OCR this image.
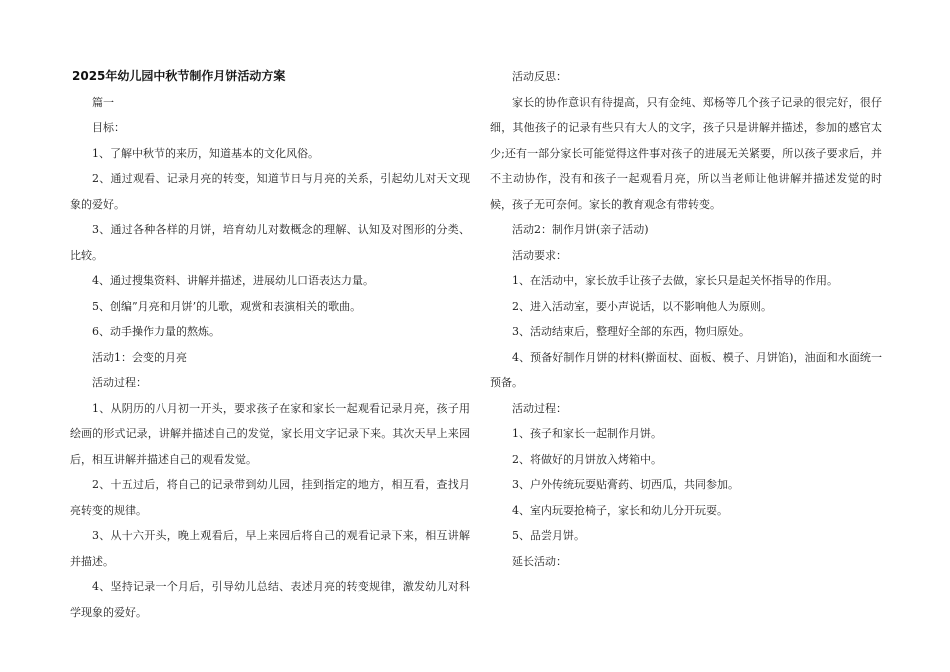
2025年幼儿园中秋节制作月饼活动方案
篇一
目标：
1、了解中秋节的来历，知道基本的文化风俗。
2、通过观看、记录月亮的转变，知道节日与月亮的关系，引起幼儿对天文现象的爱好。
3、通过各种各样的月饼，培育幼儿对数概念的理解、认知及对图形的分类、比较。
4、通过搜集资料、讲解并描述，进展幼儿口语表达力量。
5、创编”月亮和月饼’的儿歌，观赏和表演相关的歌曲。
6、动手操作力量的熬炼。
活动1：会变的月亮
活动过程：
1、从阴历的八月初一开头，要求孩子在家和家长一起观看记录月亮，孩子用绘画的形式记录，讲解并描述自己的发觉，家长用文字记录下来。其次天早上来园后，相互讲解并描述自己的观看发觉。
2、十五过后，将自己的记录带到幼儿园，挂到指定的地方，相互看，查找月亮转变的规律。
3、从十六开头，晚上观看后，早上来园后将自己的观看记录下来，相互讲解并描述。
4、坚持记录一个月后，引导幼儿总结、表述月亮的转变规律，激发幼儿对科学现象的爱好。
活动反思：
家长的协作意识有待提高，只有金纯、郑杨等几个孩子记录的很完好，很仔细，其他孩子的记录有些只有大人的文字，孩子只是讲解并描述，参加的感官太少;还有一部分家长可能觉得这件事对孩子的进展无关紧要，所以孩子要求后，并不主动协作，没有和孩子一起观看月亮，所以当老师让他讲解并描述发觉的时候，孩子无可奈何。家长的教育观念有带转变。
活动2：制作月饼(亲子活动)
活动要求：
1、在活动中，家长放手让孩子去做，家长只是起关怀指导的作用。
2、进入活动室，要小声说话，以不影响他人为原则。
3、活动结束后，整理好全部的东西，物归原处。
4、预备好制作月饼的材料(擀面杖、面板、模子、月饼馅)，油面和水面统一预备。
活动过程：
1、孩子和家长一起制作月饼。
2、将做好的月饼放入烤箱中。
3、户外传统玩耍贴膏药、切西瓜，共同参加。
4、室内玩耍抢椅子，家长和幼儿分开玩耍。
5、品尝月饼。
延长活动：
